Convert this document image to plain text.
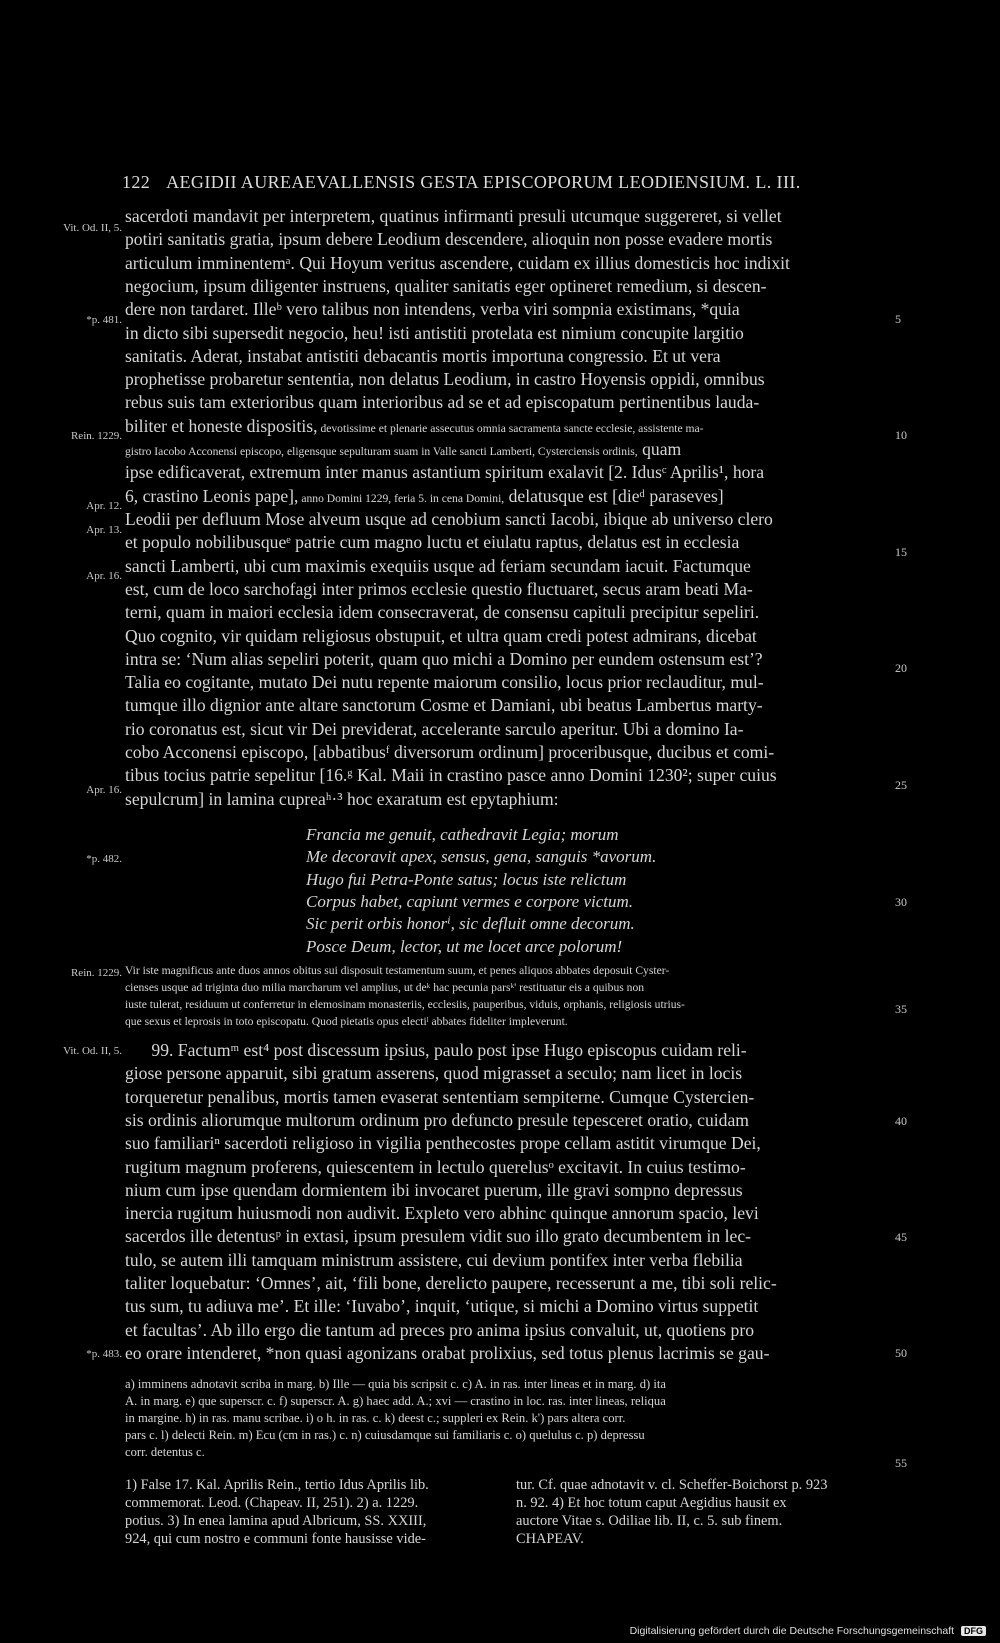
122 AEGIDII AUREAEVALLENSIS GESTA EPISCOPORUM LEODIENSIUM. L. III.
sacerdoti mandavit per interpretem, quatinus infirmanti presuli utcumque suggereret, si vellet
potiri sanitatis gratia, ipsum debere Leodium descendere, alioquin non posse evadere mortis
articulum imminentemᵃ. Qui Hoyum veritus ascendere, cuidam ex illius domesticis hoc indixit
negocium, ipsum diligenter instruens, qualiter sanitatis eger optineret remedium, si descen-
dere non tardaret. Illeᵇ vero talibus non intendens, verba viri sompnia existimans, *quia
in dicto sibi supersedit negocio, heu! isti antistiti protelata est nimium concupite largitio
sanitatis. Aderat, instabat antistiti debacantis mortis importuna congressio. Et ut vera
prophetisse probaretur sententia, non delatus Leodium, in castro Hoyensis oppidi, omnibus
rebus suis tam exterioribus quam interioribus ad se et ad episcopatum pertinentibus lauda-
biliter et honeste dispositis, devotissime et plenarie assecutus omnia sacramenta sancte ecclesie, assistente ma-
gistro Iacobo Acconensi episcopo, eligensque sepulturam suam in Valle sancti Lamberti, Cysterciensis ordinis, quam
ipse edificaverat, extremum inter manus astantium spiritum exalavit [2. Idusᶜ Aprilis¹, hora
6, crastino Leonis pape], anno Domini 1229, feria 5. in cena Domini, delatusque est [dieᵈ paraseves]
Leodii per defluum Mose alveum usque ad cenobium sancti Iacobi, ibique ab universo clero
et populo nobilibusqueᵉ patrie cum magno luctu et eiulatu raptus, delatus est in ecclesia
sancti Lamberti, ubi cum maximis exequiis usque ad feriam secundam iacuit. Factumque
est, cum de loco sarchofagi inter primos ecclesie questio fluctuaret, secus aram beati Ma-
terni, quam in maiori ecclesia idem consecraverat, de consensu capituli precipitur sepeliri.
Quo cognito, vir quidam religiosus obstupuit, et ultra quam credi potest admirans, dicebat
intra se: ‘Num alias sepeliri poterit, quam quo michi a Domino per eundem ostensum est’?
Talia eo cogitante, mutato Dei nutu repente maiorum consilio, locus prior reclauditur, mul-
tumque illo dignior ante altare sanctorum Cosme et Damiani, ubi beatus Lambertus marty-
rio coronatus est, sicut vir Dei previderat, accelerante sarculo aperitur. Ubi a domino Ia-
cobo Acconensi episcopo, [abbatibusᶠ diversorum ordinum] proceribusque, ducibus et comi-
tibus tocius patrie sepelitur [16.ᵍ Kal. Maii in crastino pasce anno Domini 1230²; super cuius
sepulcrum] in lamina cupreaʰ·³ hoc exaratum est epytaphium:
Francia me genuit, cathedravit Legia; morum
Me decoravit apex, sensus, gena, sanguis *avorum.
Hugo fui Petra-Ponte satus; locus iste relictum
Corpus habet, capiunt vermes e corpore victum.
Sic perit orbis honorⁱ, sic defluit omne decorum.
Posce Deum, lector, ut me locet arce polorum!
Vir iste magnificus ante duos annos obitus sui disposuit testamentum suum, et penes aliquos abbates deposuit Cyster-
cienses usque ad triginta duo milia marcharum vel amplius, ut deᵏ hac pecunia parsᵏ' restituatur eis a quibus non
iuste tulerat, residuum ut conferretur in elemosinam monasteriis, ecclesiis, pauperibus, viduis, orphanis, religiosis utrius-
que sexus et leprosis in toto episcopatu. Quod pietatis opus electiˡ abbates fideliter impleverunt.
99. Factumᵐ est⁴ post discessum ipsius, paulo post ipse Hugo episcopus cuidam reli-
giose persone apparuit, sibi gratum asserens, quod migrasset a seculo; nam licet in locis
torqueretur penalibus, mortis tamen evaserat sententiam sempiterne. Cumque Cystercien-
sis ordinis aliorumque multorum ordinum pro defuncto presule tepesceret oratio, cuidam
suo familiariⁿ sacerdoti religioso in vigilia penthecostes prope cellam astitit virumque Dei,
rugitum magnum proferens, quiescentem in lectulo querelusᵒ excitavit. In cuius testimo-
nium cum ipse quendam dormientem ibi invocaret puerum, ille gravi sompno depressus
inercia rugitum huiusmodi non audivit. Expleto vero abhinc quinque annorum spacio, levi
sacerdos ille detentusᵖ in extasi, ipsum presulem vidit suo illo grato decumbentem in lec-
tulo, se autem illi tamquam ministrum assistere, cui devium pontifex inter verba flebilia
taliter loquebatur: ‘Omnes’, ait, ‘fili bone, derelicto paupere, recesserunt a me, tibi soli relic-
tus sum, tu adiuva me’. Et ille: ‘Iuvabo’, inquit, ‘utique, si michi a Domino virtus suppetit
et facultas’. Ab illo ergo die tantum ad preces pro anima ipsius convaluit, ut, quotiens pro
eo orare intenderet, *non quasi agonizans orabat prolixius, sed totus plenus lacrimis se gau-
a) imminens adnotavit scriba in marg. b) Ille — quia bis scripsit c. c) A. in ras. inter lineas et in marg. d) ita
A. in marg. e) que superscr. c. f) superscr. A. g) haec add. A.; xvi — crastino in loc. ras. inter lineas, reliqua
in margine. h) in ras. manu scribae. i) o h. in ras. c. k) deest c.; suppleri ex Rein. k') pars altera corr.
pars c. l) delecti Rein. m) Ecu (cm in ras.) c. n) cuiusdamque sui familiaris c. o) quelulus c. p) depressu
corr. detentus c.
1) False 17. Kal. Aprilis Rein., tertio Idus Aprilis lib.
commemorat. Leod. (Chapeav. II, 251). 2) a. 1229.
potius. 3) In enea lamina apud Albricum, SS. XXIII,
924, qui cum nostro e communi fonte hausisse vide-
tur. Cf. quae adnotavit v. cl. Scheffer-Boichorst p. 923
n. 92. 4) Et hoc totum caput Aegidius hausit ex
auctore Vitae s. Odiliae lib. II, c. 5. sub finem.
CHAPEAV.
Vit. Od. II, 5.
*p. 481.
Rein. 1229.
Apr. 12.
Apr. 13.
Apr. 16.
Apr. 16.
*p. 482.
Rein. 1229.
Vit. Od. II, 5.
*p. 483.
5
10
15
20
25
30
35
40
45
50
55
Digitalisierung gefördert durch die Deutsche Forschungsgemeinschaft DFG
